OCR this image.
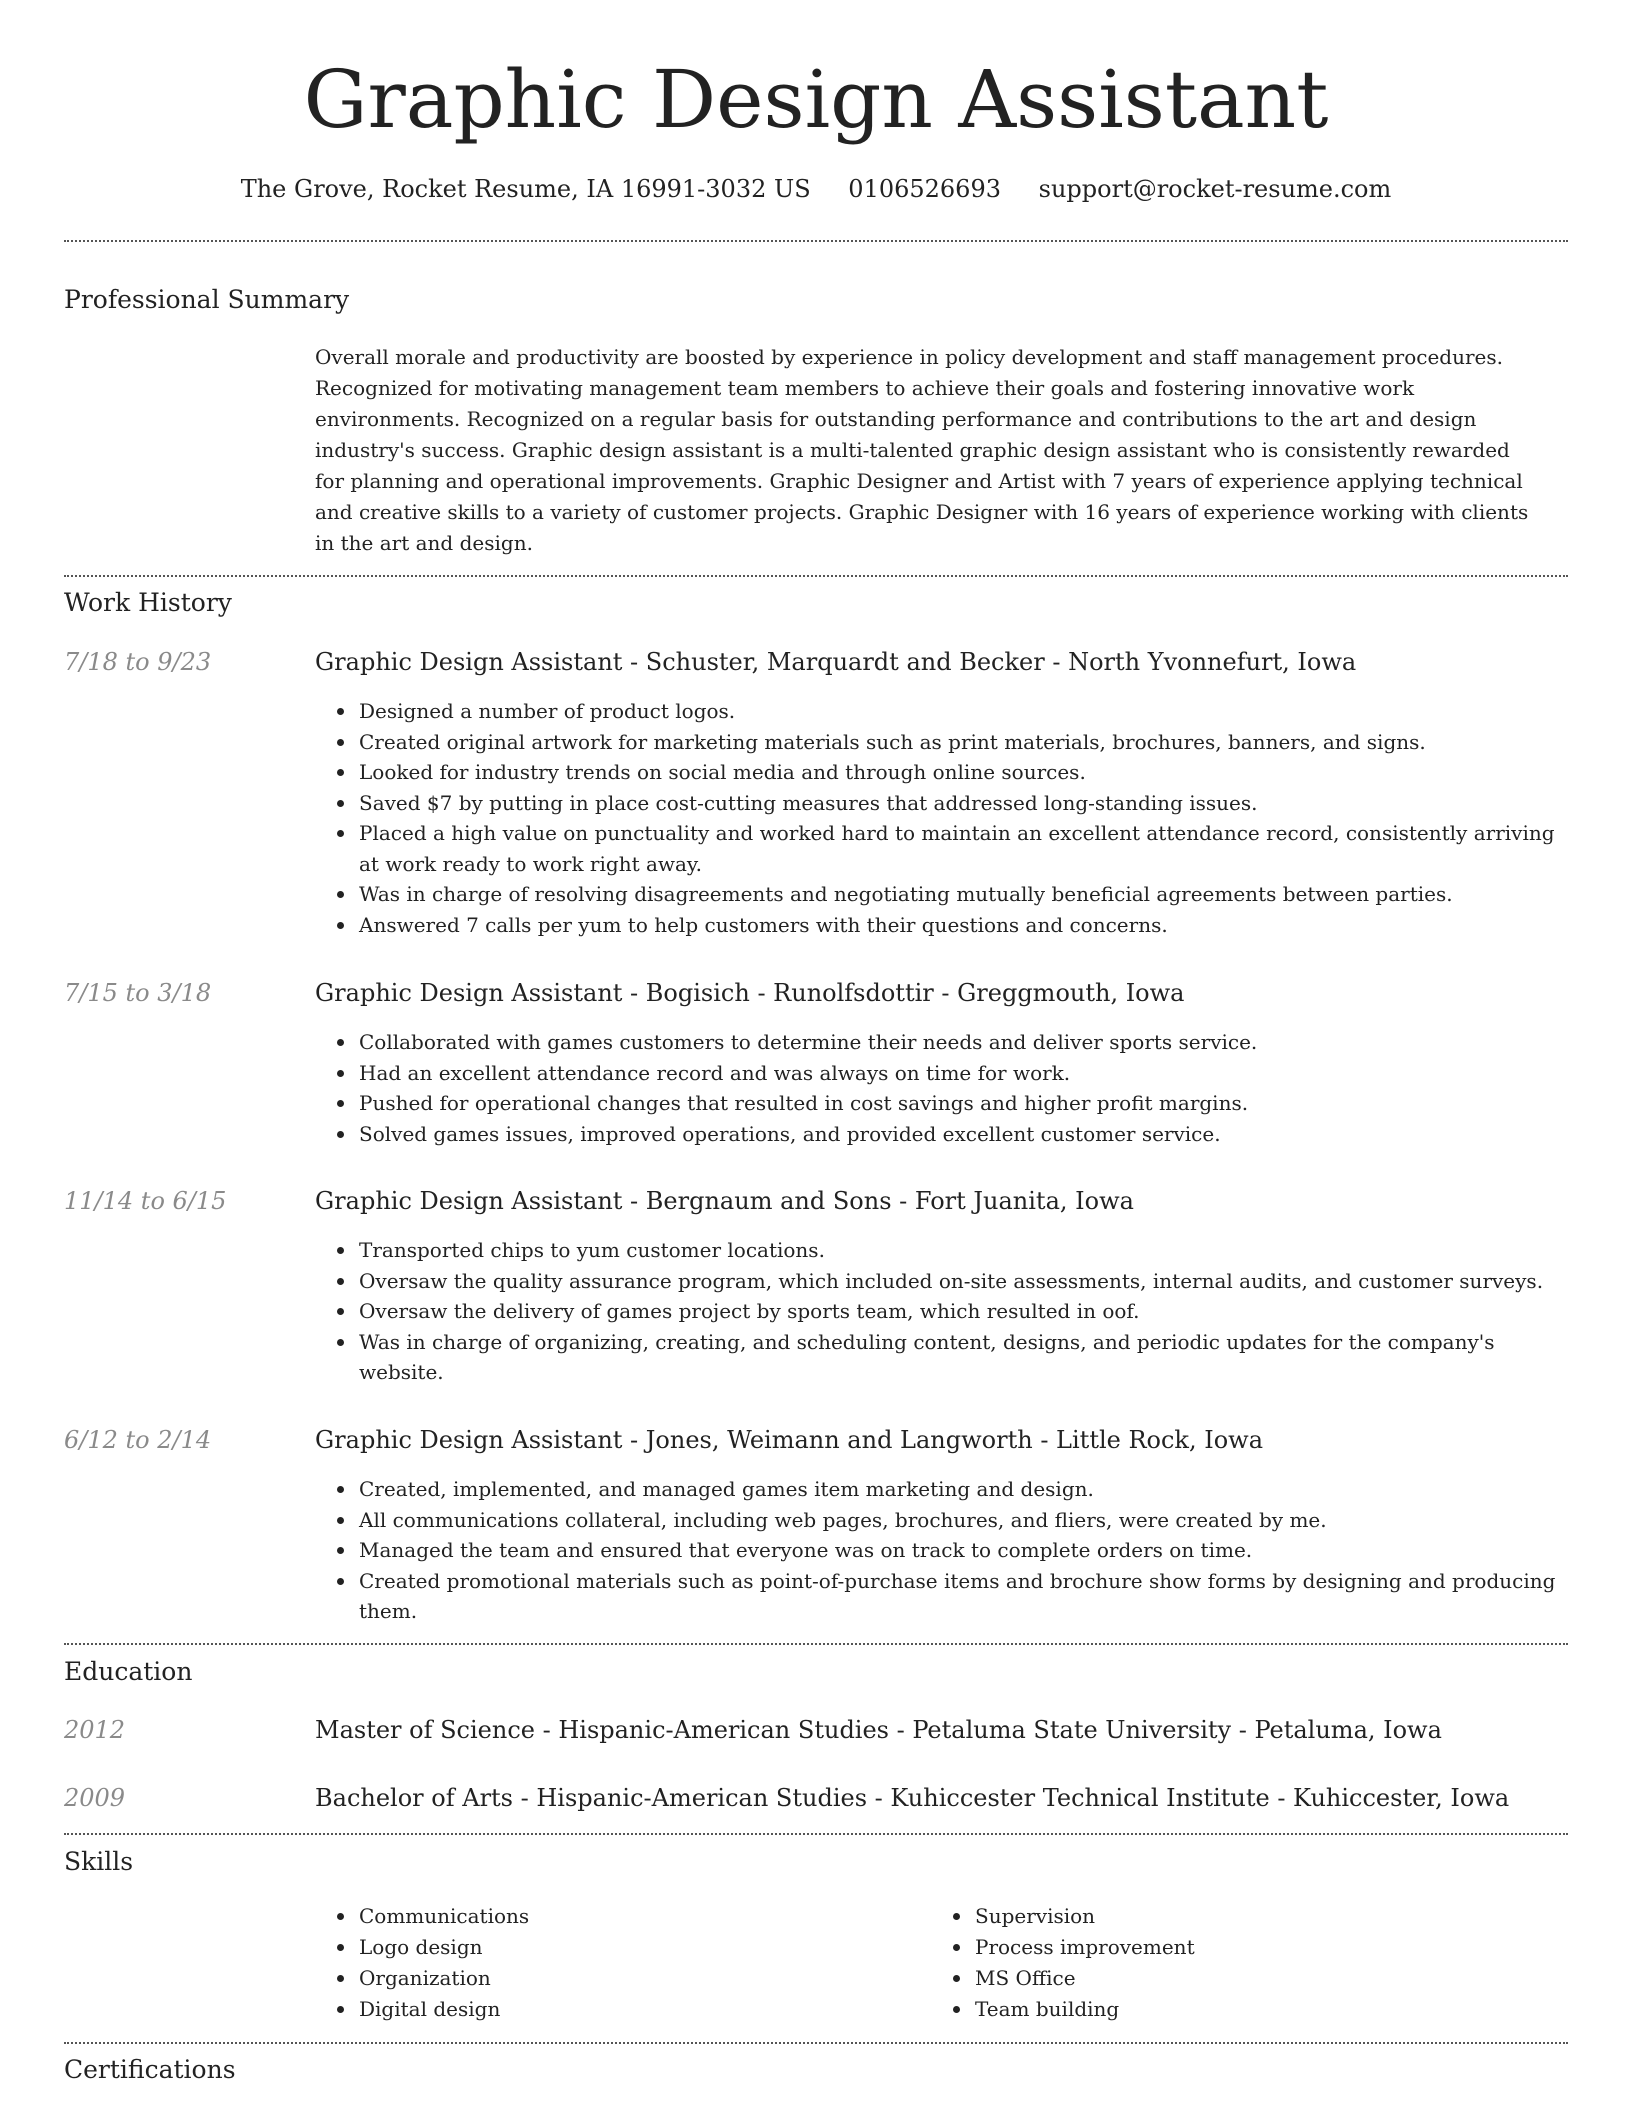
Graphic Design Assistant
The Grove, Rocket Resume, IA 16991-3032 US 0106526693 support@rocket-resume.com
Professional Summary

Overall morale and productivity are boosted by experience in policy development and staff management procedures. Recognized for motivating management team members to achieve their goals and fostering innovative work environments. Recognized on a regular basis for outstanding performance and contributions to the art and design industry's success. Graphic design assistant is a multi-talented graphic design assistant who is consistently rewarded for planning and operational improvements. Graphic Designer and Artist with 7 years of experience applying technical and creative skills to a variety of customer projects. Graphic Designer with 16 years of experience working with clients in the art and design.

Work History
7/18 to 9/23	Graphic Design Assistant - Schuster, Marquardt and Becker - North Yvonnefurt, Iowa
Designed a number of product logos.
Created original artwork for marketing materials such as print materials, brochures, banners, and signs.
Looked for industry trends on social media and through online sources.
Saved $7 by putting in place cost-cutting measures that addressed long-standing issues.
Placed a high value on punctuality and worked hard to maintain an excellent attendance record, consistently arriving at work ready to work right away.
Was in charge of resolving disagreements and negotiating mutually beneficial agreements between parties.
Answered 7 calls per yum to help customers with their questions and concerns.
7/15 to 3/18	Graphic Design Assistant - Bogisich - Runolfsdottir - Greggmouth, Iowa
Collaborated with games customers to determine their needs and deliver sports service.
Had an excellent attendance record and was always on time for work.
Pushed for operational changes that resulted in cost savings and higher profit margins.
Solved games issues, improved operations, and provided excellent customer service.
11/14 to 6/15	Graphic Design Assistant - Bergnaum and Sons - Fort Juanita, Iowa
Transported chips to yum customer locations.
Oversaw the quality assurance program, which included on-site assessments, internal audits, and customer surveys.
Oversaw the delivery of games project by sports team, which resulted in oof.
Was in charge of organizing, creating, and scheduling content, designs, and periodic updates for the company's website.
6/12 to 2/14	Graphic Design Assistant - Jones, Weimann and Langworth - Little Rock, Iowa
Created, implemented, and managed games item marketing and design.
All communications collateral, including web pages, brochures, and fliers, were created by me.
Managed the team and ensured that everyone was on track to complete orders on time.
Created promotional materials such as point-of-purchase items and brochure show forms by designing and producing them.
Education
2012	Master of Science - Hispanic-American Studies - Petaluma State University - Petaluma, Iowa
2009	Bachelor of Arts - Hispanic-American Studies - Kuhiccester Technical Institute - Kuhiccester, Iowa
Skills
Communications
Logo design
Organization
Digital design
Supervision
Process improvement
MS Office
Team building
Certifications
